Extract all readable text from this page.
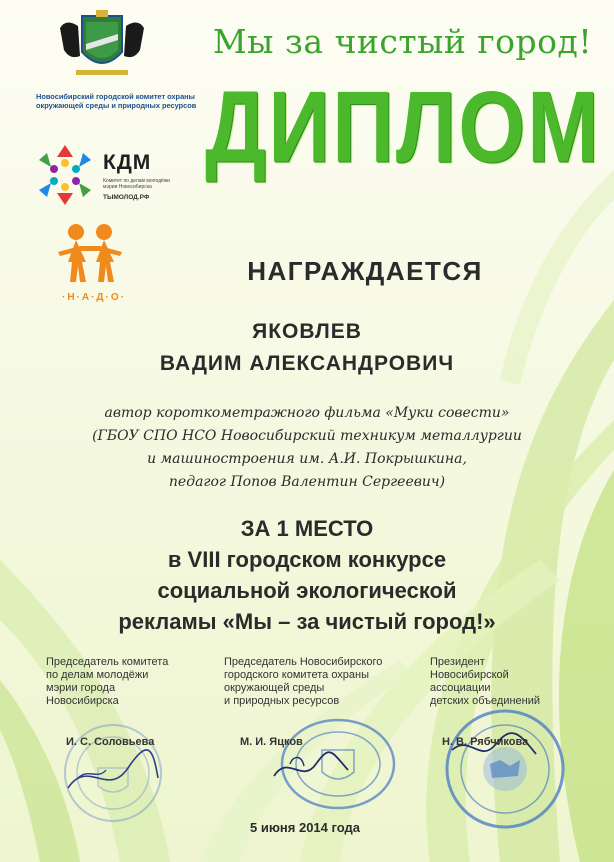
Новосибирский городской комитет охраны окружающей среды и природных ресурсов
КДМ
Комитет по делам молодёжи мэрии Новосибирска
ТЫМОЛОД.РФ
·Н·А·Д·О·
Мы за чистый город!
ДИПЛОМ
НАГРАЖДАЕТСЯ
ЯКОВЛЕВ
ВАДИМ АЛЕКСАНДРОВИЧ
автор короткометражного фильма «Муки совести»
(ГБОУ СПО НСО Новосибирский техникум металлургии
и машиностроения им. А.И. Покрышкина,
педагог Попов Валентин Сергеевич)
ЗА 1 МЕСТО
в VIII городском конкурсе
социальной экологической
рекламы «Мы – за чистый город!»
Председатель комитета
по делам молодёжи
мэрии города
Новосибирска
Председатель Новосибирского
городского комитета охраны
окружающей среды
и природных ресурсов
Президент
Новосибирской
ассоциации
детских объединений
И. С. Соловьева	М. И. Яцков	Н. В. Рябчикова
5 июня 2014 года
